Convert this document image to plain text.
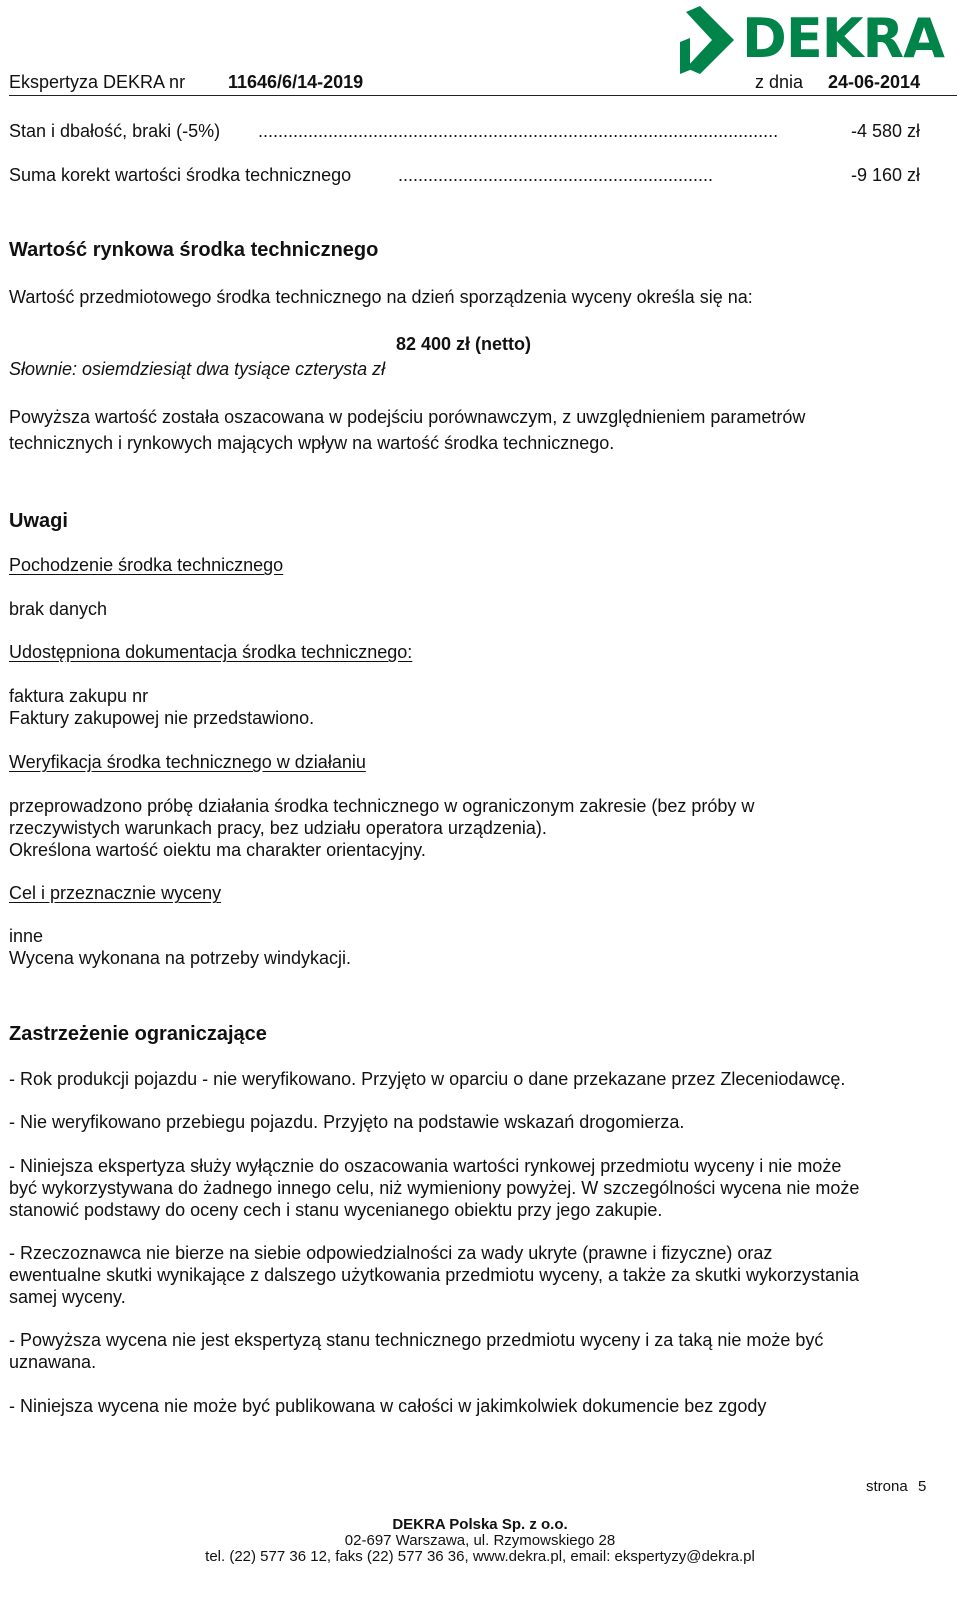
DEKRA
Ekspertyza DEKRA nr 11646/6/14-2019	z dnia 24-06-2014
Stan i dbałość, braki (-5%) ........................................................................................................	-4 580 zł
Suma korekt wartości środka technicznego	...............................................................	-9 160 zł
Wartość rynkowa środka technicznego
Wartość przedmiotowego środka technicznego na dzień sporządzenia wyceny określa się na:
82 400 zł (netto)
Słownie: osiemdziesiąt dwa tysiące czterysta zł
Powyższa wartość została oszacowana w podejściu porównawczym, z uwzględnieniem parametrów
technicznych i rynkowych mających wpływ na wartość środka technicznego.
Uwagi
Pochodzenie środka technicznego
brak danych
Udostępniona dokumentacja środka technicznego:
faktura zakupu nr
Faktury zakupowej nie przedstawiono.
Weryfikacja środka technicznego w działaniu
przeprowadzono próbę działania środka technicznego w ograniczonym zakresie (bez próby w
rzeczywistych warunkach pracy, bez udziału operatora urządzenia).
Określona wartość oiektu ma charakter orientacyjny.
Cel i przeznacznie wyceny
inne
Wycena wykonana na potrzeby windykacji.
Zastrzeżenie ograniczające
- Rok produkcji pojazdu - nie weryfikowano. Przyjęto w oparciu o dane przekazane przez Zleceniodawcę.
- Nie weryfikowano przebiegu pojazdu. Przyjęto na podstawie wskazań drogomierza.
- Niniejsza ekspertyza służy wyłącznie do oszacowania wartości rynkowej przedmiotu wyceny i nie może
być wykorzystywana do żadnego innego celu, niż wymieniony powyżej. W szczególności wycena nie może
stanowić podstawy do oceny cech i stanu wycenianego obiektu przy jego zakupie.
- Rzeczoznawca nie bierze na siebie odpowiedzialności za wady ukryte (prawne i fizyczne) oraz
ewentualne skutki wynikające z dalszego użytkowania przedmiotu wyceny, a także za skutki wykorzystania
samej wyceny.
- Powyższa wycena nie jest ekspertyzą stanu technicznego przedmiotu wyceny i za taką nie może być
uznawana.
- Niniejsza wycena nie może być publikowana w całości w jakimkolwiek dokumencie bez zgody
strona 5
DEKRA Polska Sp. z o.o.
02-697 Warszawa, ul. Rzymowskiego 28
tel. (22) 577 36 12, faks (22) 577 36 36, www.dekra.pl, email: ekspertyzy@dekra.pl
